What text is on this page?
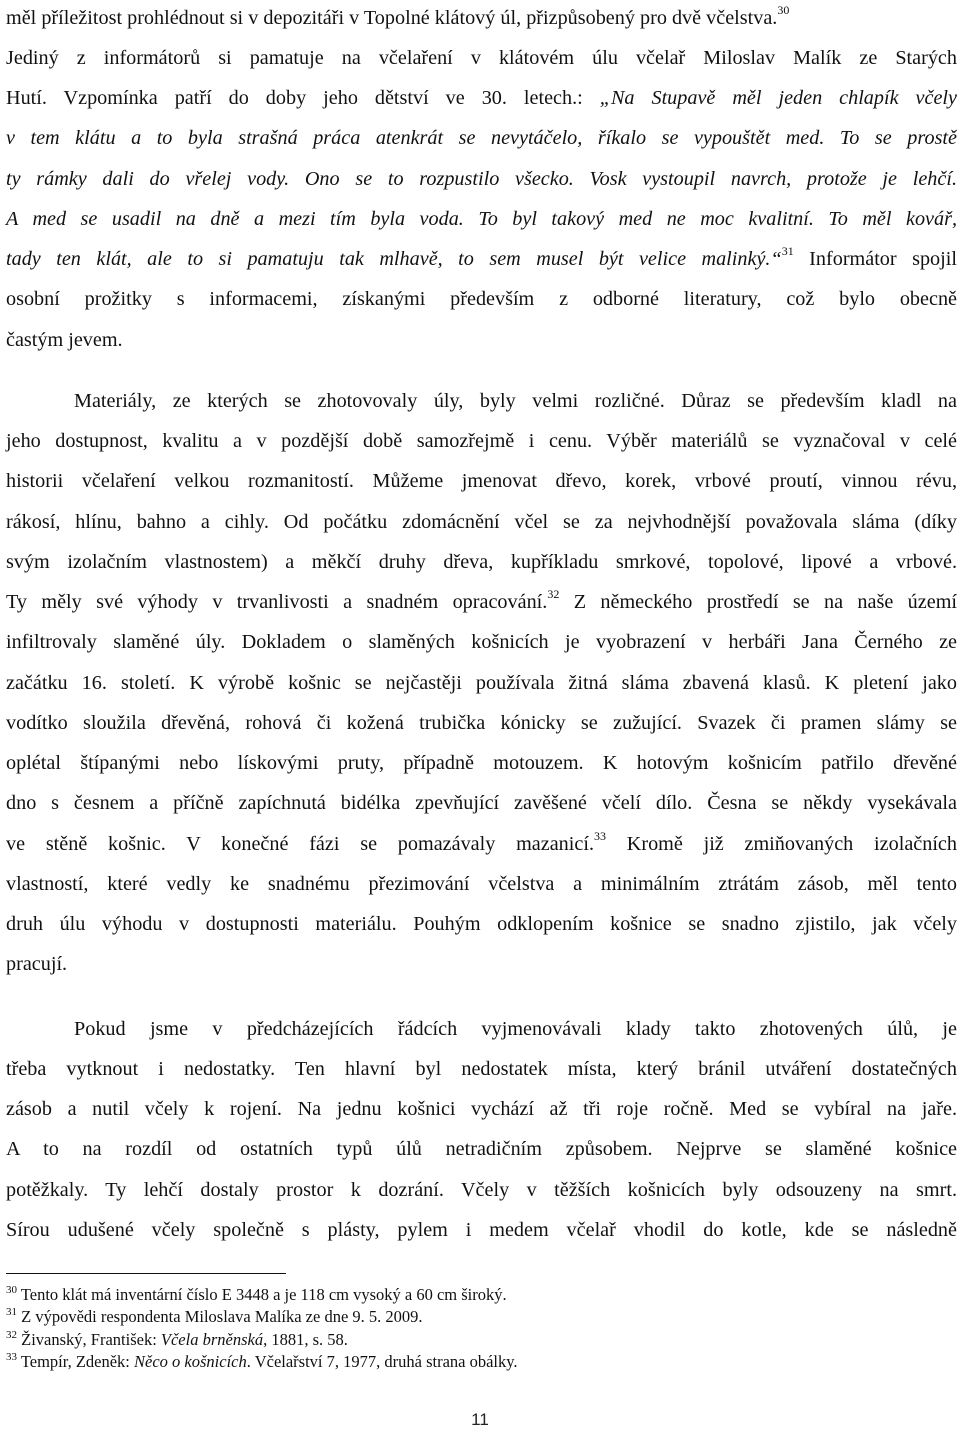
měl příležitost prohlédnout si v depozitáři v Topolné klátový úl, přizpůsobený pro dvě včelstva.$^{30}$
Jediný z informátorů si pamatuje na včelaření v klátovém úlu včelař Miloslav Malík ze Starých
Hutí. Vzpomínka patří do doby jeho dětství ve 30. letech.: „Na Stupavě měl jeden chlapík včely
v tem klátu a to byla strašná práca atenkrát se nevytáčelo, říkalo se vypouštět med. To se prostě
ty rámky dali do vřelej vody. Ono se to rozpustilo všecko. Vosk vystoupil navrch, protože je lehčí.
A med se usadil na dně a mezi tím byla voda. To byl takový med ne moc kvalitní. To měl kovář,
tady ten klát, ale to si pamatuju tak mlhavě, to sem musel být velice malinký.“$^{31}$ Informátor spojil
osobní prožitky s informacemi, získanými především z odborné literatury, což bylo obecně
častým jevem.
Materiály, ze kterých se zhotovovaly úly, byly velmi rozličné. Důraz se především kladl na
jeho dostupnost, kvalitu a v pozdější době samozřejmě i cenu. Výběr materiálů se vyznačoval v celé
historii včelaření velkou rozmanitostí. Můžeme jmenovat dřevo, korek, vrbové proutí, vinnou révu,
rákosí, hlínu, bahno a cihly. Od počátku zdomácnění včel se za nejvhodnější považovala sláma (díky
svým izolačním vlastnostem) a měkčí druhy dřeva, kupříkladu smrkové, topolové, lipové a vrbové.
Ty měly své výhody v trvanlivosti a snadném opracování.$^{32}$ Z německého prostředí se na naše území
infiltrovaly slaměné úly. Dokladem o slaměných košnicích je vyobrazení v herbáři Jana Černého ze
začátku 16. století. K výrobě košnic se nejčastěji používala žitná sláma zbavená klasů. K pletení jako
vodítko sloužila dřevěná, rohová či kožená trubička kónicky se zužující. Svazek či pramen slámy se
oplétal štípanými nebo lískovými pruty, případně motouzem. K hotovým košnicím patřilo dřevěné
dno s česnem a příčně zapíchnutá bidélka zpevňující zavěšené včelí dílo. Česna se někdy vysekávala
ve stěně košnic. V konečné fázi se pomazávaly mazanicí.$^{33}$ Kromě již zmiňovaných izolačních
vlastností, které vedly ke snadnému přezimování včelstva a minimálním ztrátám zásob, měl tento
druh úlu výhodu v dostupnosti materiálu. Pouhým odklopením košnice se snadno zjistilo, jak včely
pracují.
Pokud jsme v předcházejících řádcích vyjmenovávali klady takto zhotovených úlů, je
třeba vytknout i nedostatky. Ten hlavní byl nedostatek místa, který bránil utváření dostatečných
zásob a nutil včely k rojení. Na jednu košnici vychází až tři roje ročně. Med se vybíral na jaře.
A to na rozdíl od ostatních typů úlů netradičním způsobem. Nejprve se slaměné košnice
potěžkaly. Ty lehčí dostaly prostor k dozrání. Včely v těžších košnicích byly odsouzeny na smrt.
Sírou udušené včely společně s plásty, pylem i medem včelař vhodil do kotle, kde se následně
$^{30}$ Tento klát má inventární číslo E 3448 a je 118 cm vysoký a 60 cm široký.
$^{31}$ Z výpovědi respondenta Miloslava Malíka ze dne 9. 5. 2009.
$^{32}$ Živanský, František: Včela brněnská, 1881, s. 58.
$^{33}$ Tempír, Zdeněk: Něco o košnicích. Včelařství 7, 1977, druhá strana obálky.
11
